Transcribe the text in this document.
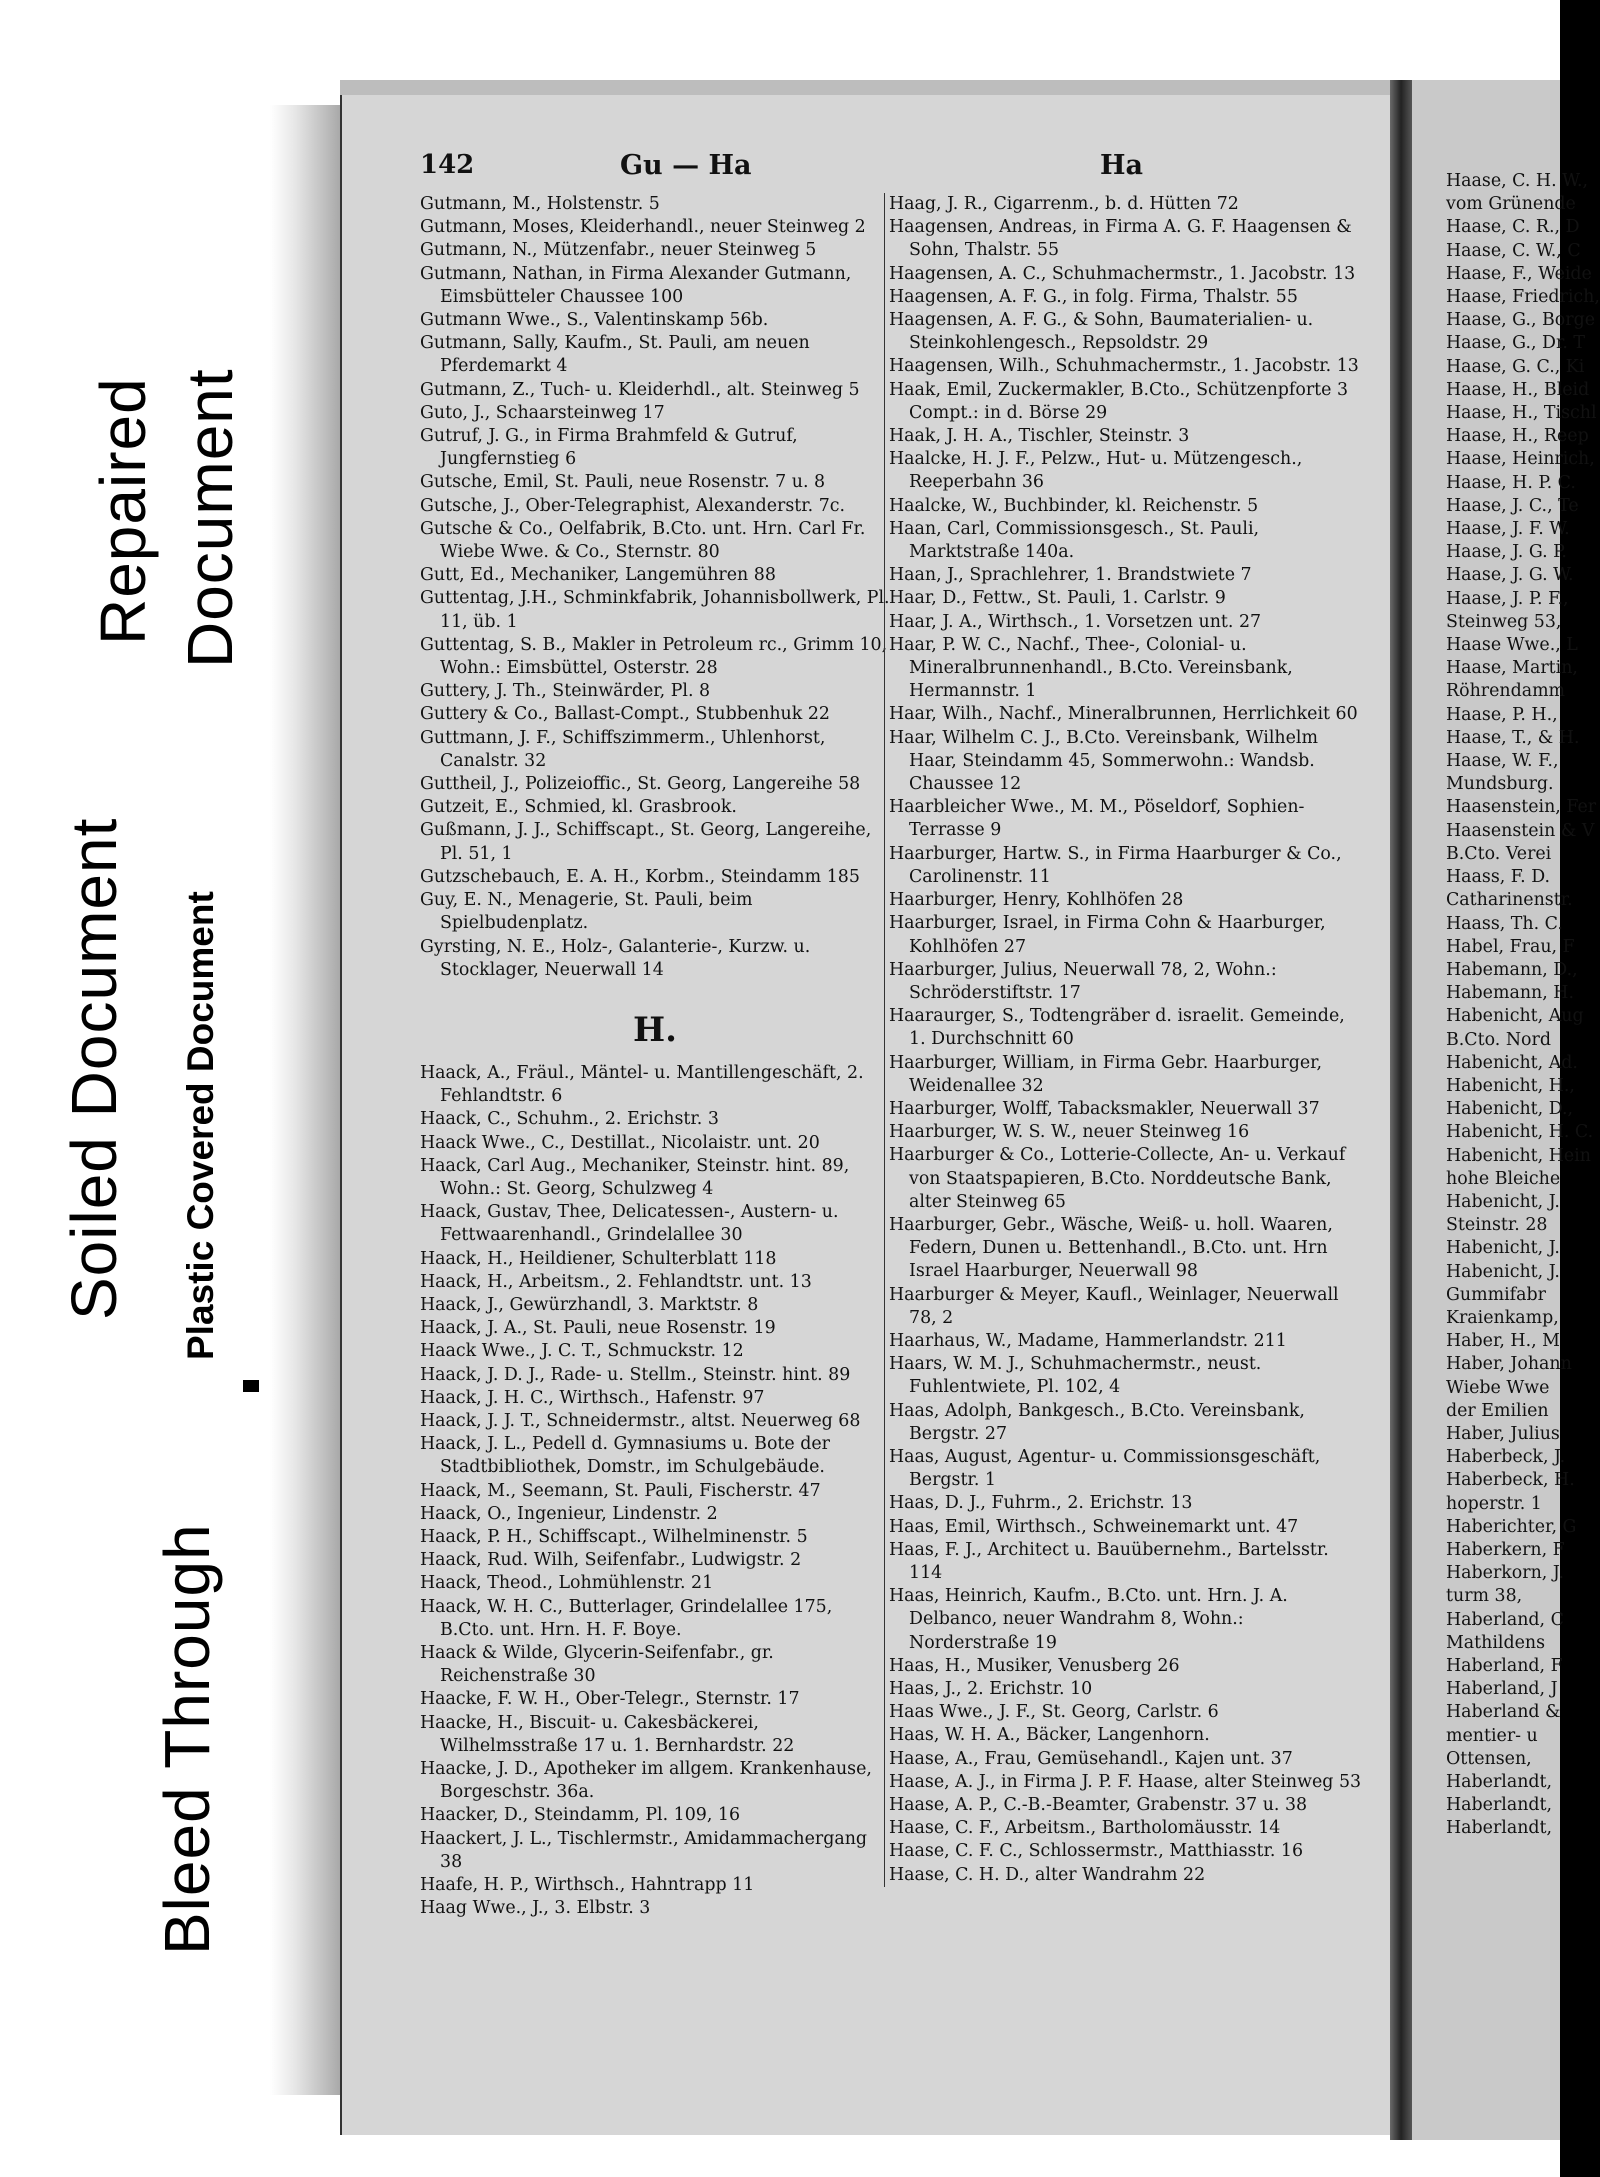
Repaired Document
Soiled Document Plastic Covered Document
Bleed Through
142	Gu — Ha	Ha
Gutmann, M., Holstenstr. 5
Gutmann, Moses, Kleiderhandl., neuer Steinweg 2
Gutmann, N., Mützenfabr., neuer Steinweg 5
Gutmann, Nathan, in Firma Alexander Gutmann, Eimsbütteler Chaussee 100
Gutmann Wwe., S., Valentinskamp 56b.
Gutmann, Sally, Kaufm., St. Pauli, am neuen Pferdemarkt 4
Gutmann, Z., Tuch- u. Kleiderhdl., alt. Steinweg 5
Guto, J., Schaarsteinweg 17
Gutruf, J. G., in Firma Brahmfeld & Gutruf, Jungfernstieg 6
Gutsche, Emil, St. Pauli, neue Rosenstr. 7 u. 8
Gutsche, J., Ober-Telegraphist, Alexanderstr. 7c.
Gutsche & Co., Oelfabrik, B.Cto. unt. Hrn. Carl Fr. Wiebe Wwe. & Co., Sternstr. 80
Gutt, Ed., Mechaniker, Langemühren 88
Guttentag, J.H., Schminkfabrik, Johannisbollwerk, Pl. 11, üb. 1
Guttentag, S. B., Makler in Petroleum rc., Grimm 10, Wohn.: Eimsbüttel, Osterstr. 28
Guttery, J. Th., Steinwärder, Pl. 8
Guttery & Co., Ballast-Compt., Stubbenhuk 22
Guttmann, J. F., Schiffszimmerm., Uhlenhorst, Canalstr. 32
Guttheil, J., Polizeioffic., St. Georg, Langereihe 58
Gutzeit, E., Schmied, kl. Grasbrook.
Gußmann, J. J., Schiffscapt., St. Georg, Langereihe, Pl. 51, 1
Gutzschebauch, E. A. H., Korbm., Steindamm 185
Guy, E. N., Menagerie, St. Pauli, beim Spielbudenplatz.
Gyrsting, N. E., Holz-, Galanterie-, Kurzw. u. Stocklager, Neuerwall 14
H.
Haack, A., Fräul., Mäntel- u. Mantillengeschäft, 2. Fehlandtstr. 6
Haack, C., Schuhm., 2. Erichstr. 3
Haack Wwe., C., Destillat., Nicolaistr. unt. 20
Haack, Carl Aug., Mechaniker, Steinstr. hint. 89, Wohn.: St. Georg, Schulzweg 4
Haack, Gustav, Thee, Delicatessen-, Austern- u. Fettwaarenhandl., Grindelallee 30
Haack, H., Heildiener, Schulterblatt 118
Haack, H., Arbeitsm., 2. Fehlandtstr. unt. 13
Haack, J., Gewürzhandl, 3. Marktstr. 8
Haack, J. A., St. Pauli, neue Rosenstr. 19
Haack Wwe., J. C. T., Schmuckstr. 12
Haack, J. D. J., Rade- u. Stellm., Steinstr. hint. 89
Haack, J. H. C., Wirthsch., Hafenstr. 97
Haack, J. J. T., Schneidermstr., altst. Neuerweg 68
Haack, J. L., Pedell d. Gymnasiums u. Bote der Stadtbibliothek, Domstr., im Schulgebäude.
Haack, M., Seemann, St. Pauli, Fischerstr. 47
Haack, O., Ingenieur, Lindenstr. 2
Haack, P. H., Schiffscapt., Wilhelminenstr. 5
Haack, Rud. Wilh, Seifenfabr., Ludwigstr. 2
Haack, Theod., Lohmühlenstr. 21
Haack, W. H. C., Butterlager, Grindelallee 175, B.Cto. unt. Hrn. H. F. Boye.
Haack & Wilde, Glycerin-Seifenfabr., gr. Reichenstraße 30
Haacke, F. W. H., Ober-Telegr., Sternstr. 17
Haacke, H., Biscuit- u. Cakesbäckerei, Wilhelmsstraße 17 u. 1. Bernhardstr. 22
Haacke, J. D., Apotheker im allgem. Krankenhause, Borgeschstr. 36a.
Haacker, D., Steindamm, Pl. 109, 16
Haackert, J. L., Tischlermstr., Amidammachergang 38
Haafe, H. P., Wirthsch., Hahntrapp 11
Haag Wwe., J., 3. Elbstr. 3
Haag, J. R., Cigarrenm., b. d. Hütten 72
Haagensen, Andreas, in Firma A. G. F. Haagensen & Sohn, Thalstr. 55
Haagensen, A. C., Schuhmachermstr., 1. Jacobstr. 13
Haagensen, A. F. G., in folg. Firma, Thalstr. 55
Haagensen, A. F. G., & Sohn, Baumaterialien- u. Steinkohlengesch., Repsoldstr. 29
Haagensen, Wilh., Schuhmachermstr., 1. Jacobstr. 13
Haak, Emil, Zuckermakler, B.Cto., Schützenpforte 3 Compt.: in d. Börse 29
Haak, J. H. A., Tischler, Steinstr. 3
Haalcke, H. J. F., Pelzw., Hut- u. Mützengesch., Reeperbahn 36
Haalcke, W., Buchbinder, kl. Reichenstr. 5
Haan, Carl, Commissionsgesch., St. Pauli, Marktstraße 140a.
Haan, J., Sprachlehrer, 1. Brandstwiete 7
Haar, D., Fettw., St. Pauli, 1. Carlstr. 9
Haar, J. A., Wirthsch., 1. Vorsetzen unt. 27
Haar, P. W. C., Nachf., Thee-, Colonial- u. Mineralbrunnenhandl., B.Cto. Vereinsbank, Hermannstr. 1
Haar, Wilh., Nachf., Mineralbrunnen, Herrlichkeit 60
Haar, Wilhelm C. J., B.Cto. Vereinsbank, Wilhelm Haar, Steindamm 45, Sommerwohn.: Wandsb. Chaussee 12
Haarbleicher Wwe., M. M., Pöseldorf, Sophien-Terrasse 9
Haarburger, Hartw. S., in Firma Haarburger & Co., Carolinenstr. 11
Haarburger, Henry, Kohlhöfen 28
Haarburger, Israel, in Firma Cohn & Haarburger, Kohlhöfen 27
Haarburger, Julius, Neuerwall 78, 2, Wohn.: Schröderstiftstr. 17
Haaraurger, S., Todtengräber d. israelit. Gemeinde, 1. Durchschnitt 60
Haarburger, William, in Firma Gebr. Haarburger, Weidenallee 32
Haarburger, Wolff, Tabacksmakler, Neuerwall 37
Haarburger, W. S. W., neuer Steinweg 16
Haarburger & Co., Lotterie-Collecte, An- u. Verkauf von Staatspapieren, B.Cto. Norddeutsche Bank, alter Steinweg 65
Haarburger, Gebr., Wäsche, Weiß- u. holl. Waaren, Federn, Dunen u. Bettenhandl., B.Cto. unt. Hrn Israel Haarburger, Neuerwall 98
Haarburger & Meyer, Kaufl., Weinlager, Neuerwall 78, 2
Haarhaus, W., Madame, Hammerlandstr. 211
Haars, W. M. J., Schuhmachermstr., neust. Fuhlentwiete, Pl. 102, 4
Haas, Adolph, Bankgesch., B.Cto. Vereinsbank, Bergstr. 27
Haas, August, Agentur- u. Commissionsgeschäft, Bergstr. 1
Haas, D. J., Fuhrm., 2. Erichstr. 13
Haas, Emil, Wirthsch., Schweinemarkt unt. 47
Haas, F. J., Architect u. Bauübernehm., Bartelsstr. 114
Haas, Heinrich, Kaufm., B.Cto. unt. Hrn. J. A. Delbanco, neuer Wandrahm 8, Wohn.: Norderstraße 19
Haas, H., Musiker, Venusberg 26
Haas, J., 2. Erichstr. 10
Haas Wwe., J. F., St. Georg, Carlstr. 6
Haas, W. H. A., Bäcker, Langenhorn.
Haase, A., Frau, Gemüsehandl., Kajen unt. 37
Haase, A. J., in Firma J. P. F. Haase, alter Steinweg 53
Haase, A. P., C.-B.-Beamter, Grabenstr. 37 u. 38
Haase, C. F., Arbeitsm., Bartholomäusstr. 14
Haase, C. F. C., Schlossermstr., Matthiasstr. 16
Haase, C. H. D., alter Wandrahm 22
Haase, C. H. W.,
vom Grünende
Haase, C. R., D
Haase, C. W., C
Haase, F., Weide
Haase, Friedrich,
Haase, G., Borge
Haase, G., Dr. T
Haase, G. C., Ki
Haase, H., Bleid
Haase, H., Tischl
Haase, H., Reep
Haase, Heinrich,
Haase, H. P. C.
Haase, J. C., Te
Haase, J. F. W.
Haase, J. G. P.
Haase, J. G. W.
Haase, J. P. F.,
Steinweg 53,
Haase Wwe., L
Haase, Martin,
Röhrendamm
Haase, P. H.,
Haase, T., & H.
Haase, W. F.,
Mundsburg.
Haasenstein, Fer
Haasenstein & V
B.Cto. Verei
Haass, F. D.
Catharinenstr.
Haass, Th. C.
Habel, Frau, F
Habemann, D.,
Habemann, H.
Habenicht, Aug
B.Cto. Nord
Habenicht, Ad.
Habenicht, H.,
Habenicht, D.,
Habenicht, H. C.
Habenicht, Hein
hohe Bleiche
Habenicht, J.
Steinstr. 28
Habenicht, J.
Habenicht, J.
Gummifabr
Kraienkamp,
Haber, H., M
Haber, Johann
Wiebe Wwe
der Emilien
Haber, Julius
Haberbeck, J.
Haberbeck, H.
hoperstr. 1
Haberichter, G
Haberkern, F
Haberkorn, J.
turm 38,
Haberland, C
Mathildens
Haberland, F
Haberland, J
Haberland &
mentier- u
Ottensen,
Haberlandt,
Haberlandt,
Haberlandt,
